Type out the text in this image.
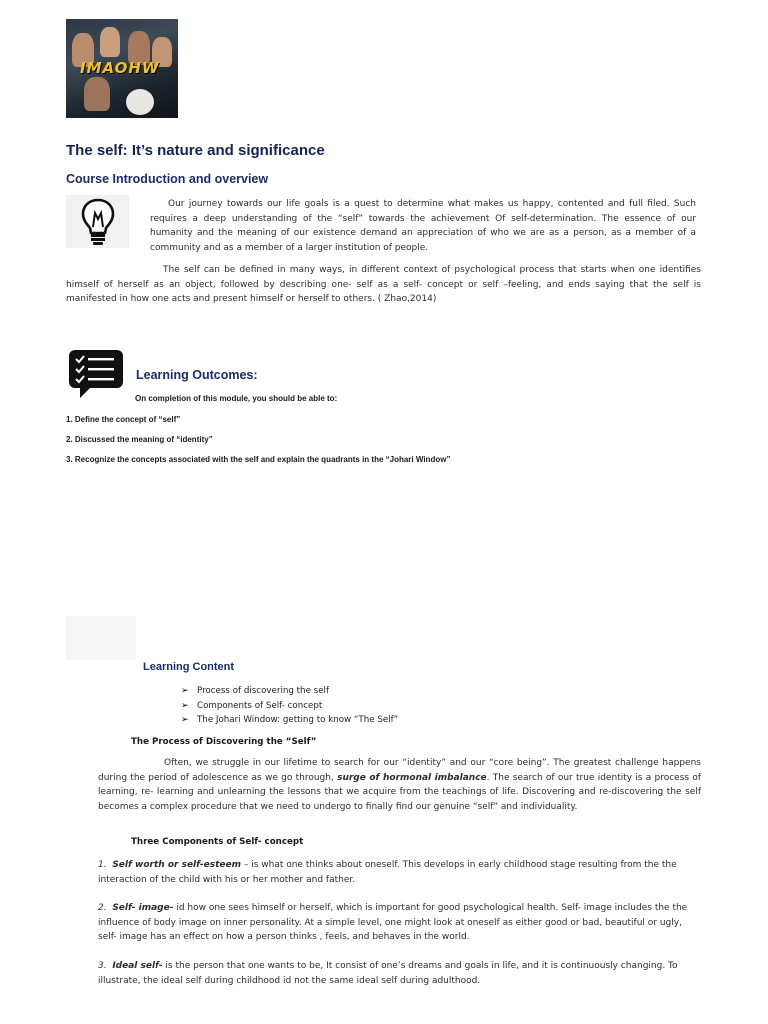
IMAOHW
The self: It’s nature and significance
Course Introduction and overview

Our journey towards our life goals is a quest to determine what makes us happy, contented and full filed. Such requires a deep understanding of the “self” towards the achievement Of self-determination. The essence of our humanity and the meaning of our existence demand an appreciation of who we are as a person, as a member of a community and as a member of a larger institution of people.

The self can be defined in many ways, in different context of psychological process that starts when one identifies himself of herself as an object, followed by describing one- self as a self- concept or self –feeling, and ends saying that the self is manifested in how one acts and present himself or herself to others. ( Zhao,2014)

Learning Outcomes:

On completion of this module, you should be able to:

1. Define the concept of “self”

2. Discussed the meaning of “identity”

3. Recognize the concepts associated with the self and explain the quadrants in the “Johari Window”

Learning Content
➢ Process of discovering the self
➢ Components of Self- concept
➢ The Johari Window: getting to know “The Self”

The Process of Discovering the “Self”

Often, we struggle in our lifetime to search for our “identity” and our “core being”. The greatest challenge happens during the period of adolescence as we go through, surge of hormonal imbalance. The search of our true identity is a process of learning, re- learning and unlearning the lessons that we acquire from the teachings of life. Discovering and re-discovering the self becomes a complex procedure that we need to undergo to finally find our genuine “self” and individuality.

Three Components of Self- concept

1. Self worth or self-esteem – is what one thinks about oneself. This develops in early childhood stage resulting from the the interaction of the child with his or her mother and father.

2. Self- image- id how one sees himself or herself, which is important for good psychological health. Self- image includes the the influence of body image on inner personality. At a simple level, one might look at oneself as either good or bad, beautiful or ugly, self- image has an effect on how a person thinks , feels, and behaves in the world.

3. Ideal self- is the person that one wants to be, It consist of one’s dreams and goals in life, and it is continuously changing. To illustrate, the ideal self during childhood id not the same ideal self during adulthood.
